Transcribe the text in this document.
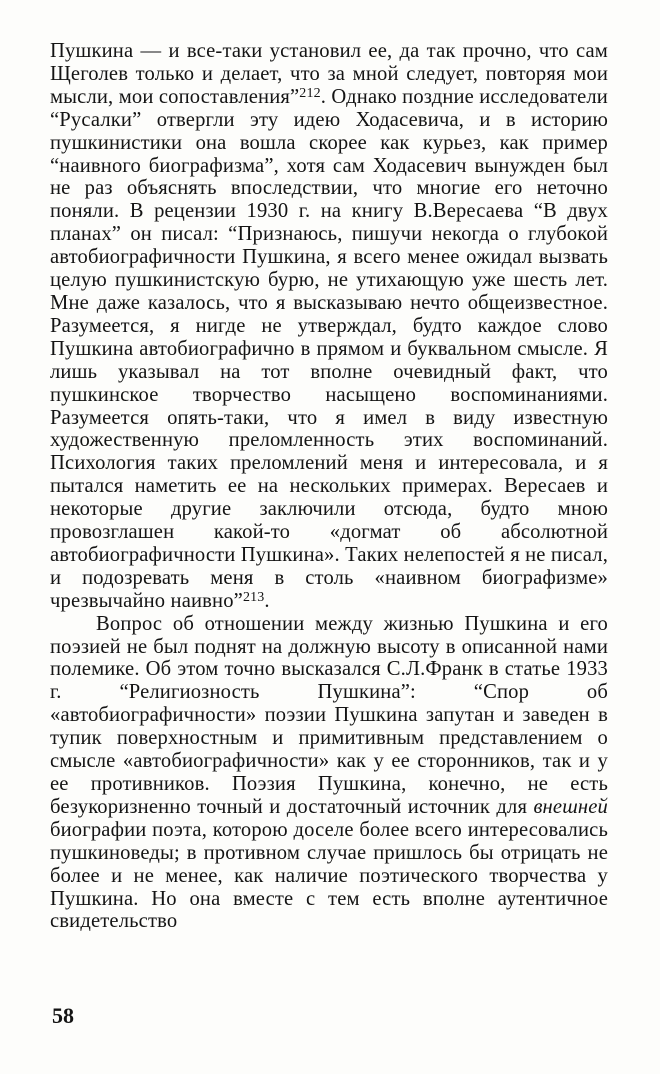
Пушкина — и все-таки установил ее, да так прочно, что сам Щеголев только и делает, что за мной следует, повторяя мои мысли, мои сопоставления”$^{212}$. Однако поздние исследователи “Русалки” отвергли эту идею Ходасевича, и в историю пушкинистики она вошла скорее как курьез, как пример “наивного биографизма”, хотя сам Ходасевич вынужден был не раз объяснять впоследствии, что многие его неточно поняли. В рецензии 1930 г. на книгу В.Вересаева “В двух планах” он писал: “Признаюсь, пишучи некогда о глубокой автобиографичности Пушкина, я всего менее ожидал вызвать целую пушкинистскую бурю, не утихающую уже шесть лет. Мне даже казалось, что я высказываю нечто общеизвестное. Разумеется, я нигде не утверждал, будто каждое слово Пушкина автобиографично в прямом и буквальном смысле. Я лишь указывал на тот вполне очевидный факт, что пушкинское творчество насыщено воспоминаниями. Разумеется опять-таки, что я имел в виду известную художественную преломленность этих воспоминаний. Психология таких преломлений меня и интересовала, и я пытался наметить ее на нескольких примерах. Вересаев и некоторые другие заключили отсюда, будто мною провозглашен какой-то «догмат об абсолютной автобиографичности Пушкина». Таких нелепостей я не писал, и подозревать меня в столь «наивном биографизме» чрезвычайно наивно”$^{213}$.

Вопрос об отношении между жизнью Пушкина и его поэзией не был поднят на должную высоту в описанной нами полемике. Об этом точно высказался С.Л.Франк в статье 1933 г. “Религиозность Пушкина”: “Спор об «автобиографичности» поэзии Пушкина запутан и заведен в тупик поверхностным и примитивным представлением о смысле «автобиографичности» как у ее сторонников, так и у ее противников. Поэзия Пушкина, конечно, не есть безукоризненно точный и достаточный источник для внешней биографии поэта, которою доселе более всего интересовались пушкиноведы; в противном случае пришлось бы отрицать не более и не менее, как наличие поэтического творчества у Пушкина. Но она вместе с тем есть вполне аутентичное свидетельство

58
